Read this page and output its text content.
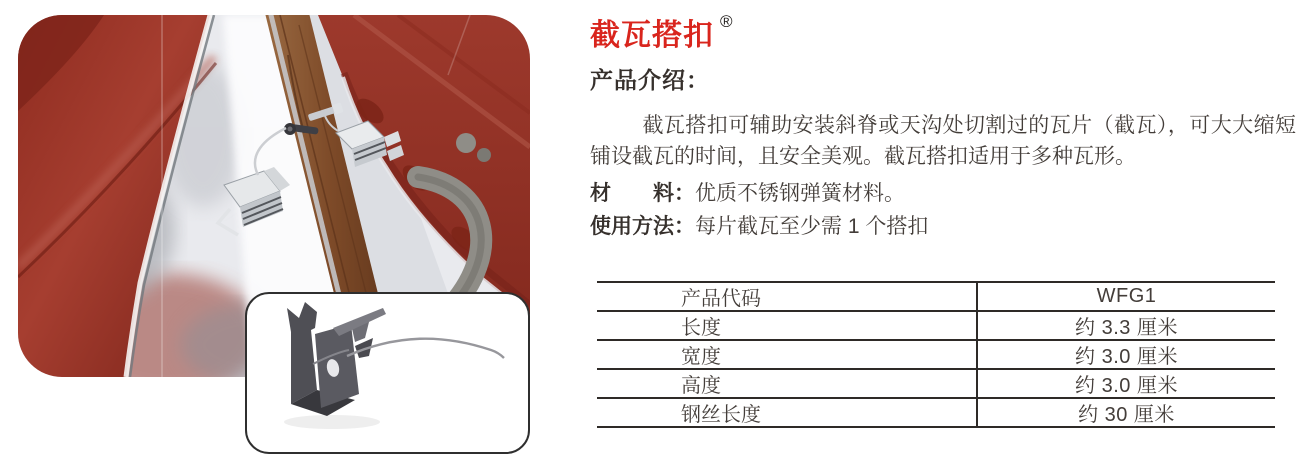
截瓦搭扣 ®
产品介绍：
截瓦搭扣可辅助安装斜脊或天沟处切割过的瓦片（截瓦），可大大缩短铺设截瓦的时间，且安全美观。截瓦搭扣适用于多种瓦形。
材　　料：优质不锈钢弹簧材料。
使用方法：每片截瓦至少需 1 个搭扣
产品代码	WFG1
长度	约 3.3 厘米
宽度	约 3.0 厘米
高度	约 3.0 厘米
钢丝长度	约 30 厘米
